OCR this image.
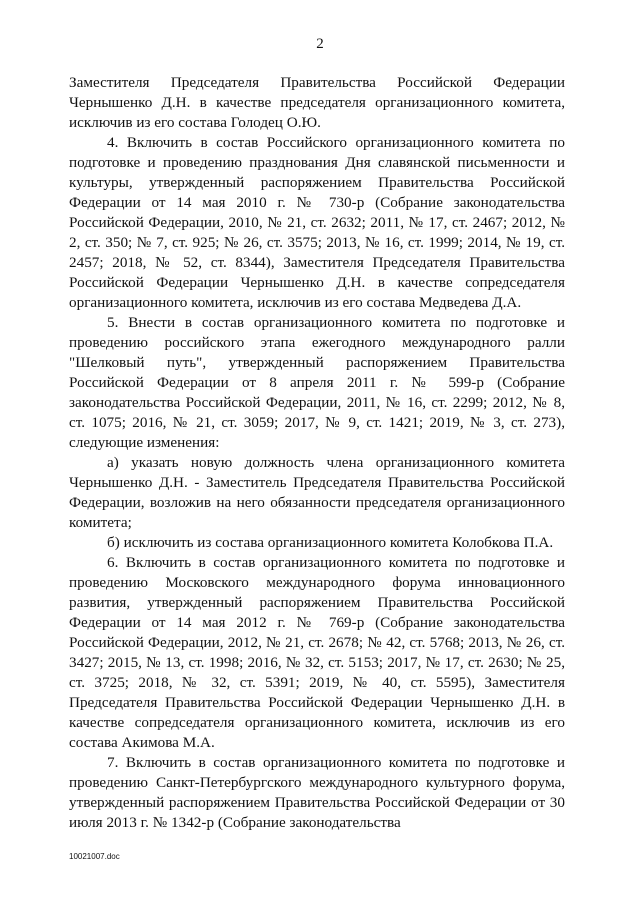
2

Заместителя Председателя Правительства Российской Федерации Чернышенко Д.Н. в качестве председателя организационного комитета, исключив из его состава Голодец О.Ю.

4. Включить в состав Российского организационного комитета по подготовке и проведению празднования Дня славянской письменности и культуры, утвержденный распоряжением Правительства Российской Федерации от 14 мая 2010 г. № 730-р (Собрание законодательства Российской Федерации, 2010, № 21, ст. 2632; 2011, № 17, ст. 2467; 2012, № 2, ст. 350; № 7, ст. 925; № 26, ст. 3575; 2013, № 16, ст. 1999; 2014, № 19, ст. 2457; 2018, № 52, ст. 8344), Заместителя Председателя Правительства Российской Федерации Чернышенко Д.Н. в качестве сопредседателя организационного комитета, исключив из его состава Медведева Д.А.

5. Внести в состав организационного комитета по подготовке и проведению российского этапа ежегодного международного ралли "Шелковый путь", утвержденный распоряжением Правительства Российской Федерации от 8 апреля 2011 г. № 599-р (Собрание законодательства Российской Федерации, 2011, № 16, ст. 2299; 2012, № 8, ст. 1075; 2016, № 21, ст. 3059; 2017, № 9, ст. 1421; 2019, № 3, ст. 273), следующие изменения:

а) указать новую должность члена организационного комитета Чернышенко Д.Н. - Заместитель Председателя Правительства Российской Федерации, возложив на него обязанности председателя организационного комитета;

б) исключить из состава организационного комитета Колобкова П.А.

6. Включить в состав организационного комитета по подготовке и проведению Московского международного форума инновационного развития, утвержденный распоряжением Правительства Российской Федерации от 14 мая 2012 г. № 769-р (Собрание законодательства Российской Федерации, 2012, № 21, ст. 2678; № 42, ст. 5768; 2013, № 26, ст. 3427; 2015, № 13, ст. 1998; 2016, № 32, ст. 5153; 2017, № 17, ст. 2630; № 25, ст. 3725; 2018, № 32, ст. 5391; 2019, № 40, ст. 5595), Заместителя Председателя Правительства Российской Федерации Чернышенко Д.Н. в качестве сопредседателя организационного комитета, исключив из его состава Акимова М.А.

7. Включить в состав организационного комитета по подготовке и проведению Санкт-Петербургского международного культурного форума, утвержденный распоряжением Правительства Российской Федерации от 30 июля 2013 г. № 1342-р (Собрание законодательства

10021007.doc
